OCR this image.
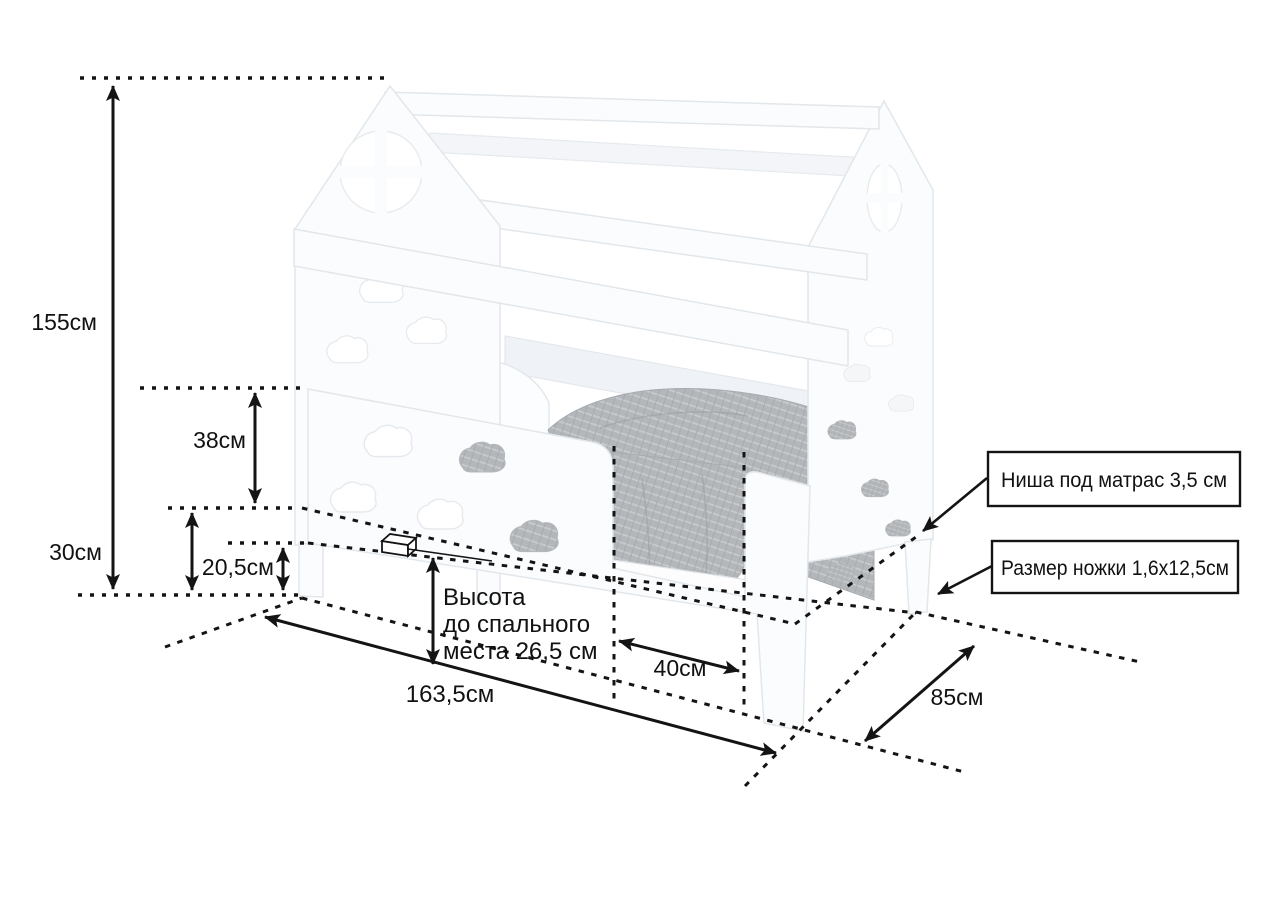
155см
38см
30см
20,5см
Высота
до спального
места 26,5 см
163,5см
40см
85см
Ниша под матрас 3,5 см
Размер ножки 1,6х12,5см
